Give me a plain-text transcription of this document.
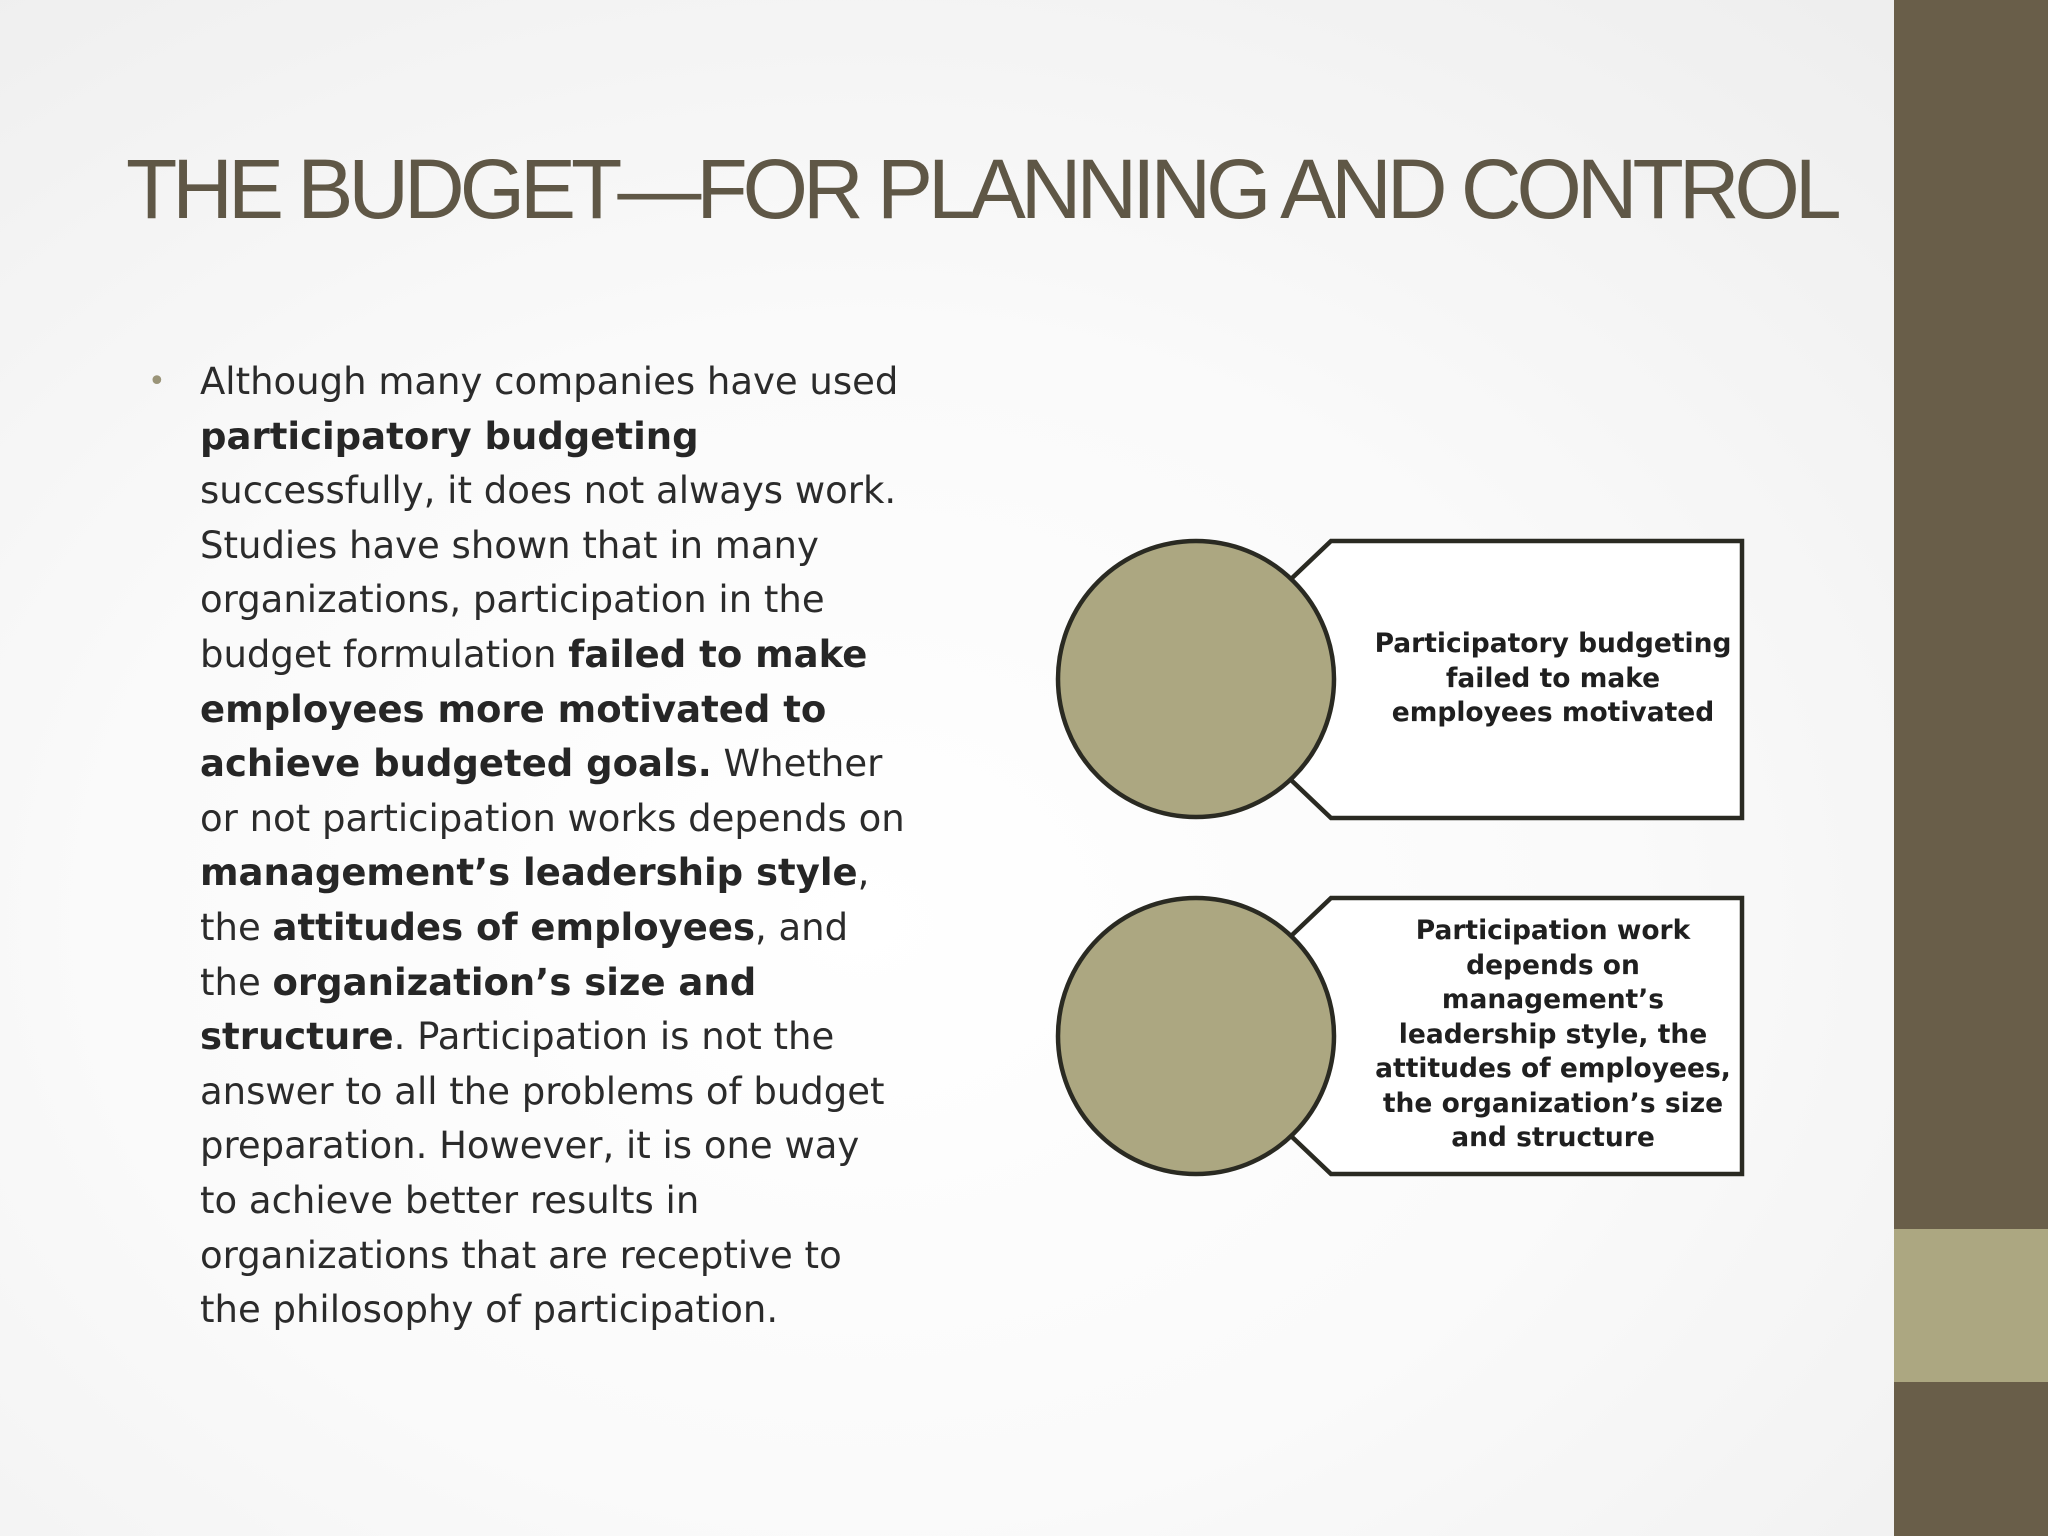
THE BUDGET—FOR PLANNING AND CONTROL
• Although many companies have used participatory budgeting successfully, it does not always work. Studies have shown that in many organizations, participation in the budget formulation failed to make employees more motivated to achieve budgeted goals. Whether or not participation works depends on management’s leadership style, the attitudes of employees, and the organization’s size and structure. Participation is not the answer to all the problems of budget preparation. However, it is one way to achieve better results in organizations that are receptive to the philosophy of participation.
Participatory budgeting failed to make employees motivated
Participation work depends on management’s leadership style, the attitudes of employees, the organization’s size and structure
